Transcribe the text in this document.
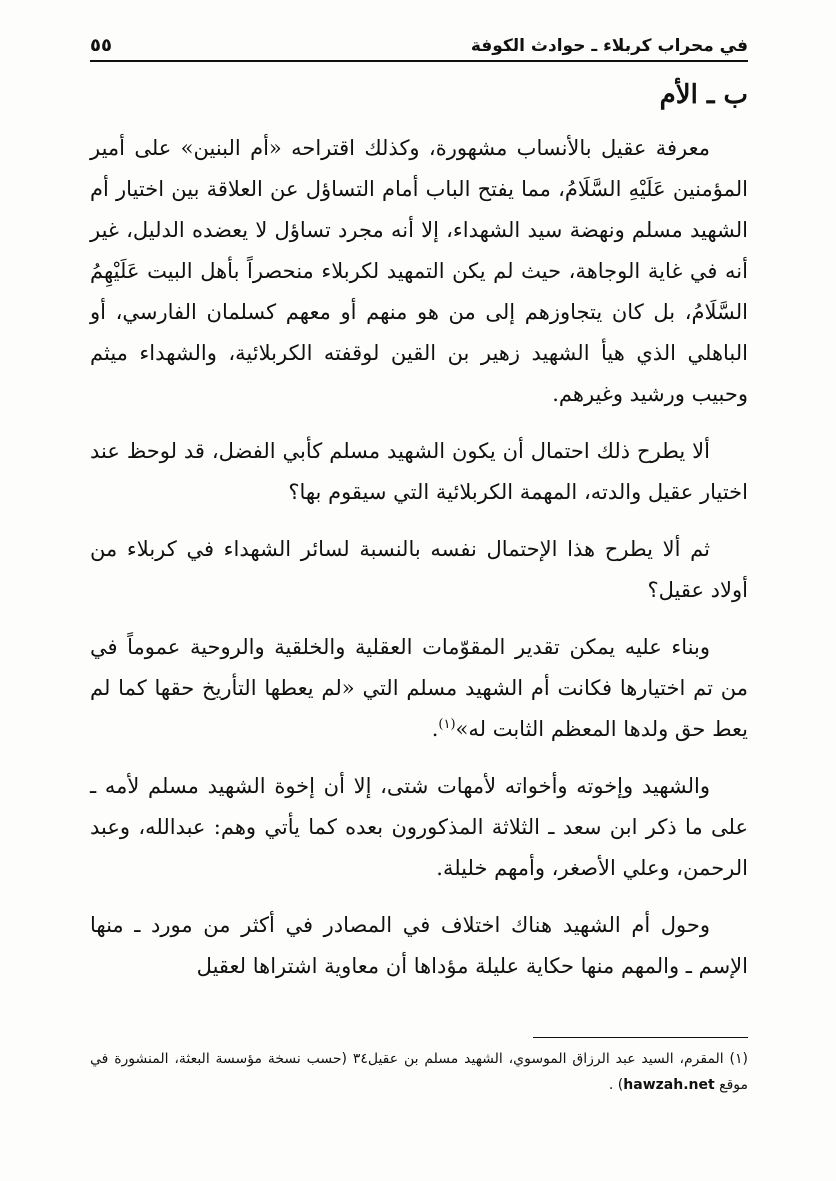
في محراب كربلاء ـ حوادث الكوفة
٥٥
ب ـ الأم

معرفة عقيل بالأنساب مشهورة، وكذلك اقتراحه «أم البنين» على أمير المؤمنين عَلَيْهِ السَّلَامُ، مما يفتح الباب أمام التساؤل عن العلاقة بين اختيار أم الشهيد مسلم ونهضة سيد الشهداء، إلا أنه مجرد تساؤل لا يعضده الدليل، غير أنه في غاية الوجاهة، حيث لم يكن التمهيد لكربلاء منحصراً بأهل البيت عَلَيْهِمُ السَّلَامُ، بل كان يتجاوزهم إلى من هو منهم أو معهم كسلمان الفارسي، أو الباهلي الذي هيأ الشهيد زهير بن القين لوقفته الكربلائية، والشهداء ميثم وحبيب ورشيد وغيرهم.

ألا يطرح ذلك احتمال أن يكون الشهيد مسلم كأبي الفضل، قد لوحظ عند اختيار عقيل والدته، المهمة الكربلائية التي سيقوم بها؟

ثم ألا يطرح هذا الإحتمال نفسه بالنسبة لسائر الشهداء في كربلاء من أولاد عقيل؟

وبناء عليه يمكن تقدير المقوّمات العقلية والخلقية والروحية عموماً في من تم اختيارها فكانت أم الشهيد مسلم التي «لم يعطها التأريخ حقها كما لم يعط حق ولدها المعظم الثابت له»$^{(١)}$.

والشهيد وإخوته وأخواته لأمهات شتى، إلا أن إخوة الشهيد مسلم لأمه ـ على ما ذكر ابن سعد ـ الثلاثة المذكورون بعده كما يأتي وهم: عبدالله، وعبد الرحمن، وعلي الأصغر، وأمهم خليلة.

وحول أم الشهيد هناك اختلاف في المصادر في أكثر من مورد ـ منها الإسم ـ والمهم منها حكاية عليلة مؤداها أن معاوية اشتراها لعقيل

(١) المقرم، السيد عبد الرزاق الموسوي، الشهيد مسلم بن عقيل٣٤ (حسب نسخة مؤسسة البعثة، المنشورة في موقع hawzah.net) .
